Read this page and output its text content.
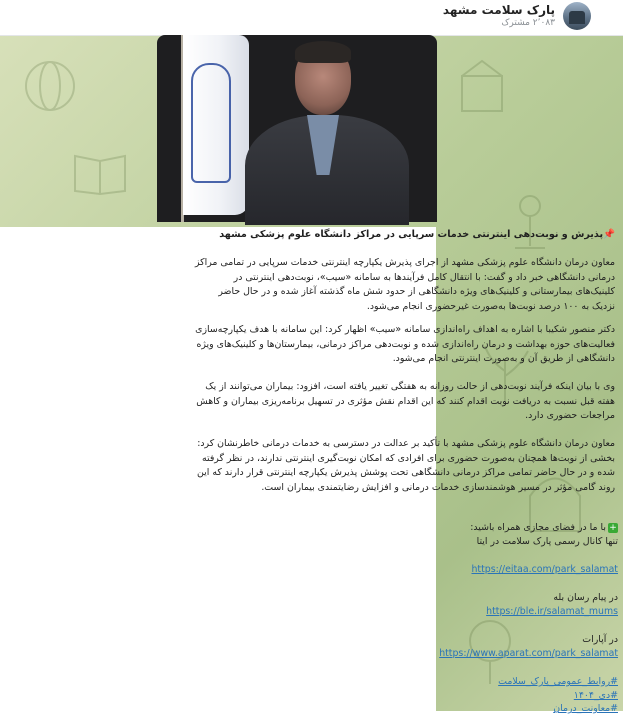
پارک سلامت مشهد
۲٬۰۸۳ مشترک
📌پذیرش و نوبت‌دهی اینترنتی خدمات سرپایی در مراکز دانشگاه علوم پزشکی مشهد
معاون درمان دانشگاه علوم پزشکی مشهد از اجرای پذیرش یکپارچه اینترنتی خدمات سرپایی در تمامی مراکز درمانی دانشگاهی خبر داد و گفت: با انتقال کامل فرآیندها به سامانه «سیب»، نوبت‌دهی اینترنتی در کلینیک‌های بیمارستانی و کلینیک‌های ویژه دانشگاهی از حدود شش ماه گذشته آغاز شده و در حال حاضر نزدیک به ۱۰۰ درصد نوبت‌ها به‌صورت غیرحضوری انجام می‌شود.
دکتر منصور شکیبا با اشاره به اهداف راه‌اندازی سامانه «سیب» اظهار کرد: این سامانه با هدف یکپارچه‌سازی فعالیت‌های حوزه بهداشت و درمان راه‌اندازی شده و نوبت‌دهی مراکز درمانی، بیمارستان‌ها و کلینیک‌های ویژه دانشگاهی از طریق آن و به‌صورت اینترنتی انجام می‌شود.
وی با بیان اینکه فرآیند نوبت‌دهی از حالت روزانه به هفتگی تغییر یافته است، افزود: بیماران می‌توانند از یک هفته قبل نسبت به دریافت نوبت اقدام کنند که این اقدام نقش مؤثری در تسهیل برنامه‌ریزی بیماران و کاهش مراجعات حضوری دارد.
معاون درمان دانشگاه علوم پزشکی مشهد با تأکید بر عدالت در دسترسی به خدمات درمانی خاطرنشان کرد: بخشی از نوبت‌ها همچنان به‌صورت حضوری برای افرادی که امکان نوبت‌گیری اینترنتی ندارند، در نظر گرفته شده و در حال حاضر تمامی مراکز درمانی دانشگاهی تحت پوشش پذیرش یکپارچه اینترنتی قرار دارند که این روند گامی مؤثر در مسیر هوشمندسازی خدمات درمانی و افزایش رضایتمندی بیماران است.
+با ما در فضای مجازی همراه باشید:
تنها کانال رسمی پارک سلامت در ایتا
https://eitaa.com/park_salamat
در پیام رسان بله
https://ble.ir/salamat_mums
در آپارات
https://www.aparat.com/park_salamat
#روابط_عمومی_پارک_سلامت
#دی_۱۴۰۴
#معاونت_درمان
